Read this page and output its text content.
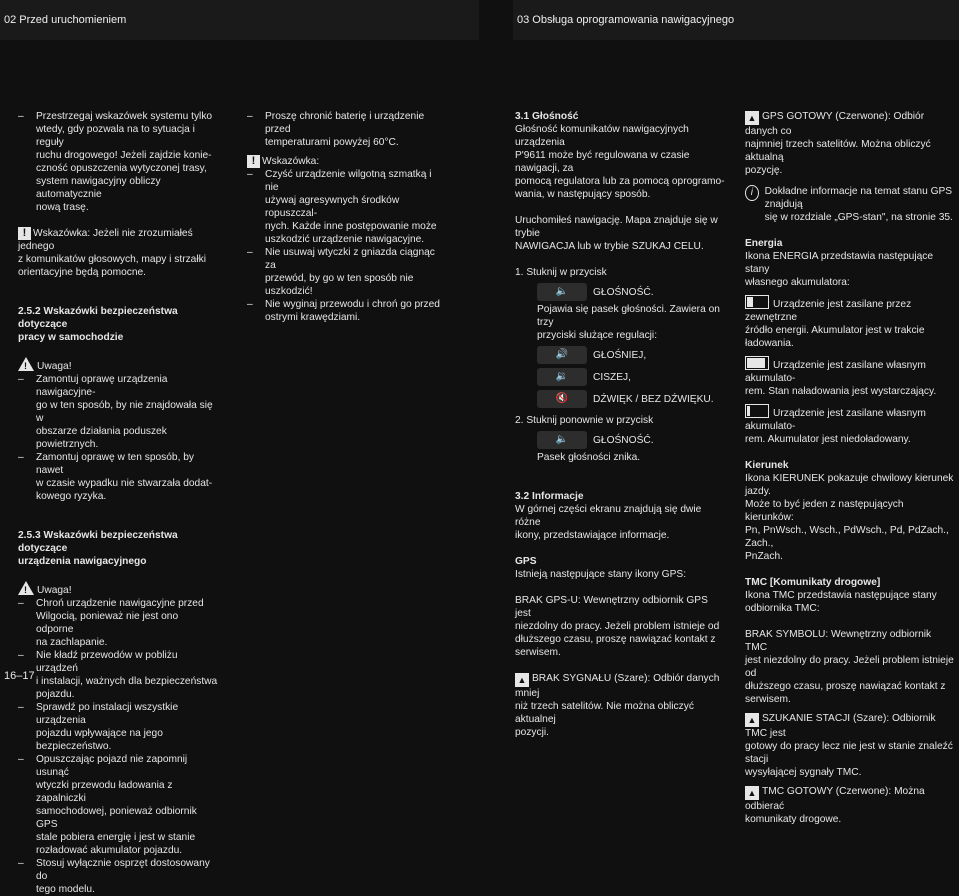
02 Przed uruchomieniem	03 Obsługa oprogramowania nawigacyjnego
– Przestrzegaj wskazówek systemu tylko
wtedy, gdy pozwala na to sytuacja i reguły
ruchu drogowego! Jeżeli zajdzie konie-
czność opuszczenia wytyczonej trasy,
system nawigacyjny obliczy automatycznie
nową trasę.
! Wskazówka: Jeżeli nie zrozumiałeś jednego
z komunikatów głosowych, mapy i strzałki
orientacyjne będą pomocne.
2.5.2 Wskazówki bezpieczeństwa dotyczące
pracy w samochodzie
! Uwaga!
– Zamontuj oprawę urządzenia nawigacyjne-
go w ten sposób, by nie znajdowała się w
obszarze działania poduszek powietrznych.
– Zamontuj oprawę w ten sposób, by nawet
w czasie wypadku nie stwarzała dodat-
kowego ryzyka.
2.5.3 Wskazówki bezpieczeństwa dotyczące
urządzenia nawigacyjnego
! Uwaga!
– Chroń urządzenie nawigacyjne przed
Wilgocią, ponieważ nie jest ono odporne
na zachlapanie.
– Nie kładź przewodów w pobliżu urządzeń
i instalacji, ważnych dla bezpieczeństwa
pojazdu.
– Sprawdź po instalacji wszystkie urządzenia
pojazdu wpływające na jego
bezpieczeństwo.
– Opuszczając pojazd nie zapomnij usunąć
wtyczki przewodu ładowania z zapalniczki
samochodowej, ponieważ odbiornik GPS
stale pobiera energię i jest w stanie
rozładować akumulator pojazdu.
– Stosuj wyłącznie osprzęt dostosowany do
tego modelu.
– Proszę chronić baterię i urządzenie przed
temperaturami powyżej 60°C.
! Wskazówka:
– Czyść urządzenie wilgotną szmatką i nie
używaj agresywnych środków ropuszczal-
nych. Każde inne postępowanie może
uszkodzić urządzenie nawigacyjne.
– Nie usuwaj wtyczki z gniazda ciągnąc za
przewód, by go w ten sposób nie
uszkodzić!
– Nie wyginaj przewodu i chroń go przed
ostrymi krawędziami.
3.1 Głośność
Głośność komunikatów nawigacyjnych urządzenia
P'9611 może być regulowana w czasie nawigacji, za
pomocą regulatora lub za pomocą oprogramo-
wania, w następujący sposób.
Uruchomiłeś nawigację. Mapa znajduje się w trybie
NAWIGACJA lub w trybie SZUKAJ CELU.
1. Stuknij w przycisk
🔈	GŁOŚNOŚĆ.
Pojawia się pasek głośności. Zawiera on trzy
przyciski służące regulacji:
🔊	GŁOŚNIEJ,
🔉	CISZEJ,
🔇	DŹWIĘK / BEZ DŹWIĘKU.
2. Stuknij ponownie w przycisk
🔈	GŁOŚNOŚĆ.
Pasek głośności znika.
3.2 Informacje
W górnej części ekranu znajdują się dwie różne
ikony, przedstawiające informacje.
GPS
Istnieją następujące stany ikony GPS:
BRAK GPS-U: Wewnętrzny odbiornik GPS jest
niezdolny do pracy. Jeżeli problem istnieje od
dłuższego czasu, proszę nawiązać kontakt z
serwisem.
▲ BRAK SYGNAŁU (Szare): Odbiór danych mniej
niż trzech satelitów. Nie można obliczyć aktualnej
pozycji.
▲ GPS GOTOWY (Czerwone): Odbiór danych co
najmniej trzech satelitów. Można obliczyć aktualną
pozycję.
i	Dokładne informacje na temat stanu GPS znajdują
się w rozdziale „GPS-stan", na stronie 35.
Energia
Ikona ENERGIA przedstawia następujące stany
własnego akumulatora:
Urządzenie jest zasilane przez zewnętrzne
źródło energii. Akumulator jest w trakcie ładowania.
Urządzenie jest zasilane własnym akumulato-
rem. Stan naładowania jest wystarczający.
Urządzenie jest zasilane własnym akumulato-
rem. Akumulator jest niedoładowany.
Kierunek
Ikona KIERUNEK pokazuje chwilowy kierunek jazdy.
Może to być jeden z następujących kierunków:
Pn, PnWsch., Wsch., PdWsch., Pd, PdZach., Zach.,
PnZach.
TMC [Komunikaty drogowe]
Ikona TMC przedstawia następujące stany
odbiornika TMC:
BRAK SYMBOLU: Wewnętrzny odbiornik TMC
jest niezdolny do pracy. Jeżeli problem istnieje od
dłuższego czasu, proszę nawiązać kontakt z
serwisem.
▲ SZUKANIE STACJI (Szare): Odbiornik TMC jest
gotowy do pracy lecz nie jest w stanie znaleźć stacji
wysyłającej sygnały TMC.
▲ TMC GOTOWY (Czerwone): Można odbierać
komunikaty drogowe.
16–17
